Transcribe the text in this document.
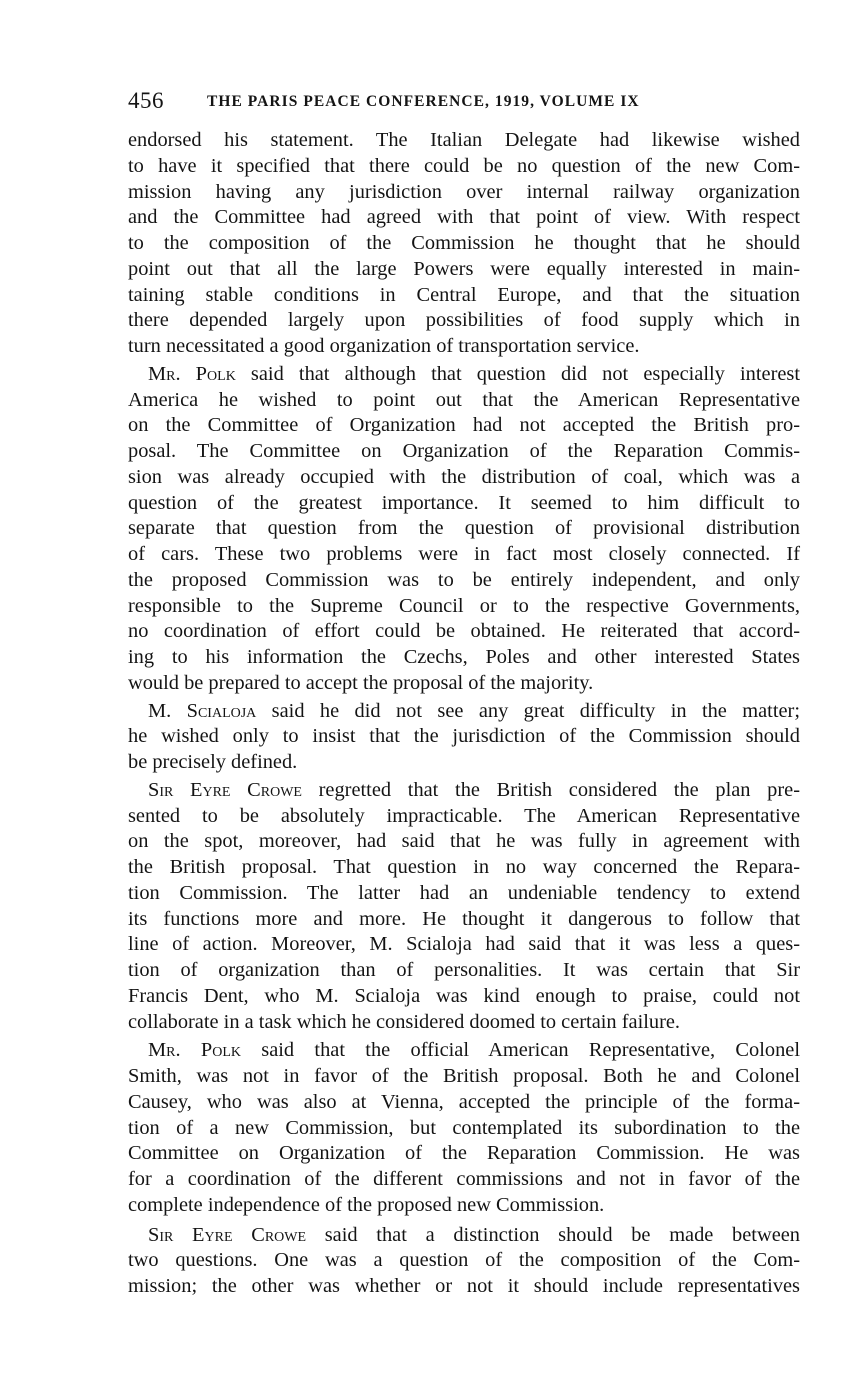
456	THE PARIS PEACE CONFERENCE, 1919, VOLUME IX
endorsed his statement. The Italian Delegate had likewise wished
to have it specified that there could be no question of the new Com-
mission having any jurisdiction over internal railway organization
and the Committee had agreed with that point of view. With respect
to the composition of the Commission he thought that he should
point out that all the large Powers were equally interested in main-
taining stable conditions in Central Europe, and that the situation
there depended largely upon possibilities of food supply which in
turn necessitated a good organization of transportation service.
Mr. Polk said that although that question did not especially interest
America he wished to point out that the American Representative
on the Committee of Organization had not accepted the British pro-
posal. The Committee on Organization of the Reparation Commis-
sion was already occupied with the distribution of coal, which was a
question of the greatest importance. It seemed to him difficult to
separate that question from the question of provisional distribution
of cars. These two problems were in fact most closely connected. If
the proposed Commission was to be entirely independent, and only
responsible to the Supreme Council or to the respective Governments,
no coordination of effort could be obtained. He reiterated that accord-
ing to his information the Czechs, Poles and other interested States
would be prepared to accept the proposal of the majority.
M. Scialoja said he did not see any great difficulty in the matter;
he wished only to insist that the jurisdiction of the Commission should
be precisely defined.
Sir Eyre Crowe regretted that the British considered the plan pre-
sented to be absolutely impracticable. The American Representative
on the spot, moreover, had said that he was fully in agreement with
the British proposal. That question in no way concerned the Repara-
tion Commission. The latter had an undeniable tendency to extend
its functions more and more. He thought it dangerous to follow that
line of action. Moreover, M. Scialoja had said that it was less a ques-
tion of organization than of personalities. It was certain that Sir
Francis Dent, who M. Scialoja was kind enough to praise, could not
collaborate in a task which he considered doomed to certain failure.
Mr. Polk said that the official American Representative, Colonel
Smith, was not in favor of the British proposal. Both he and Colonel
Causey, who was also at Vienna, accepted the principle of the forma-
tion of a new Commission, but contemplated its subordination to the
Committee on Organization of the Reparation Commission. He was
for a coordination of the different commissions and not in favor of the
complete independence of the proposed new Commission.
Sir Eyre Crowe said that a distinction should be made between
two questions. One was a question of the composition of the Com-
mission; the other was whether or not it should include representatives
